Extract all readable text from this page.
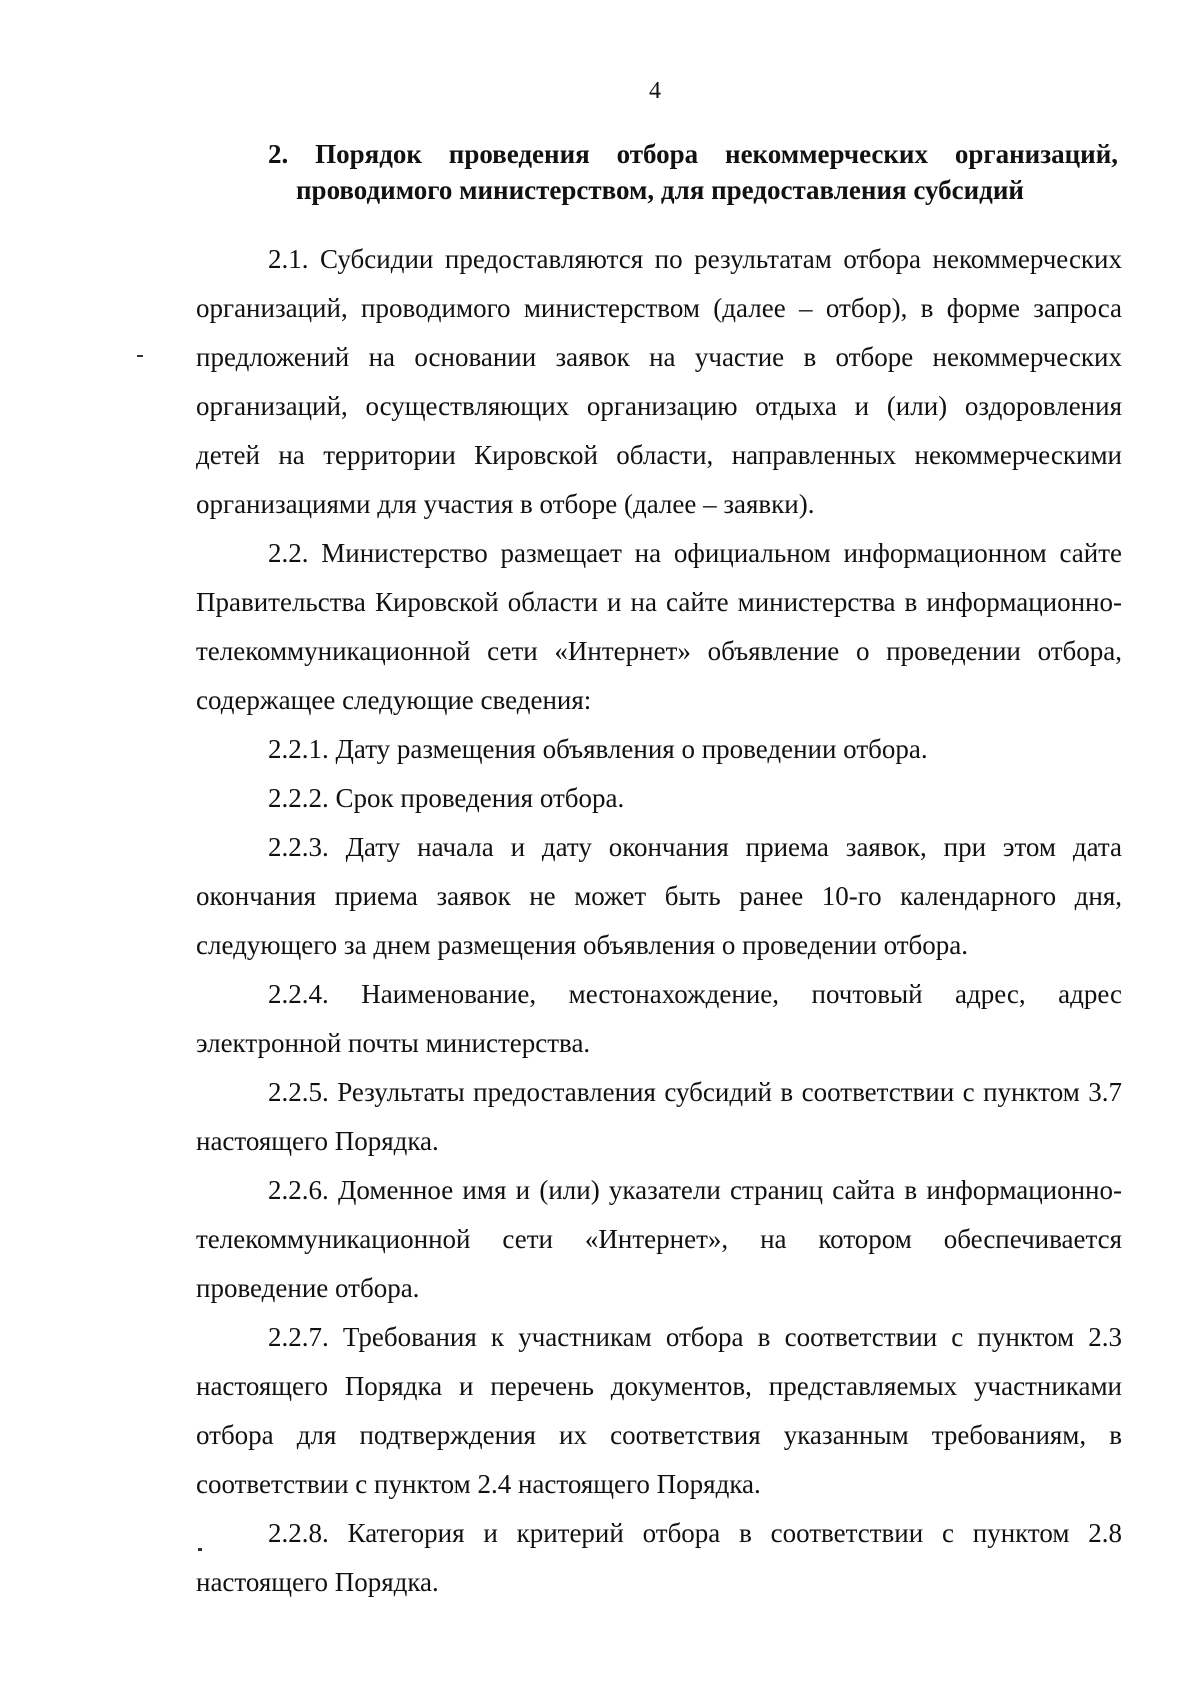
4
2. Порядок проведения отбора некоммерческих организаций,
проводимого министерством, для предоставления субсидий

2.1. Субсидии предоставляются по результатам отбора некоммерческих организаций, проводимого министерством (далее – отбор), в форме запроса предложений на основании заявок на участие в отборе некоммерческих организаций, осуществляющих организацию отдыха и (или) оздоровления детей на территории Кировской области, направленных некоммерческими организациями для участия в отборе (далее – заявки).

2.2. Министерство размещает на официальном информационном сайте Правительства Кировской области и на сайте министерства в информационно-телекоммуникационной сети «Интернет» объявление о проведении отбора, содержащее следующие сведения:

2.2.1. Дату размещения объявления о проведении отбора.

2.2.2. Срок проведения отбора.

2.2.3. Дату начала и дату окончания приема заявок, при этом дата окончания приема заявок не может быть ранее 10-го календарного дня, следующего за днем размещения объявления о проведении отбора.

2.2.4. Наименование, местонахождение, почтовый адрес, адрес электронной почты министерства.

2.2.5. Результаты предоставления субсидий в соответствии с пунктом 3.7 настоящего Порядка.

2.2.6. Доменное имя и (или) указатели страниц сайта в информационно-телекоммуникационной сети «Интернет», на котором обеспечивается проведение отбора.

2.2.7. Требования к участникам отбора в соответствии с пунктом 2.3 настоящего Порядка и перечень документов, представляемых участниками отбора для подтверждения их соответствия указанным требованиям, в соответствии с пунктом 2.4 настоящего Порядка.

2.2.8. Категория и критерий отбора в соответствии с пунктом 2.8 настоящего Порядка.
